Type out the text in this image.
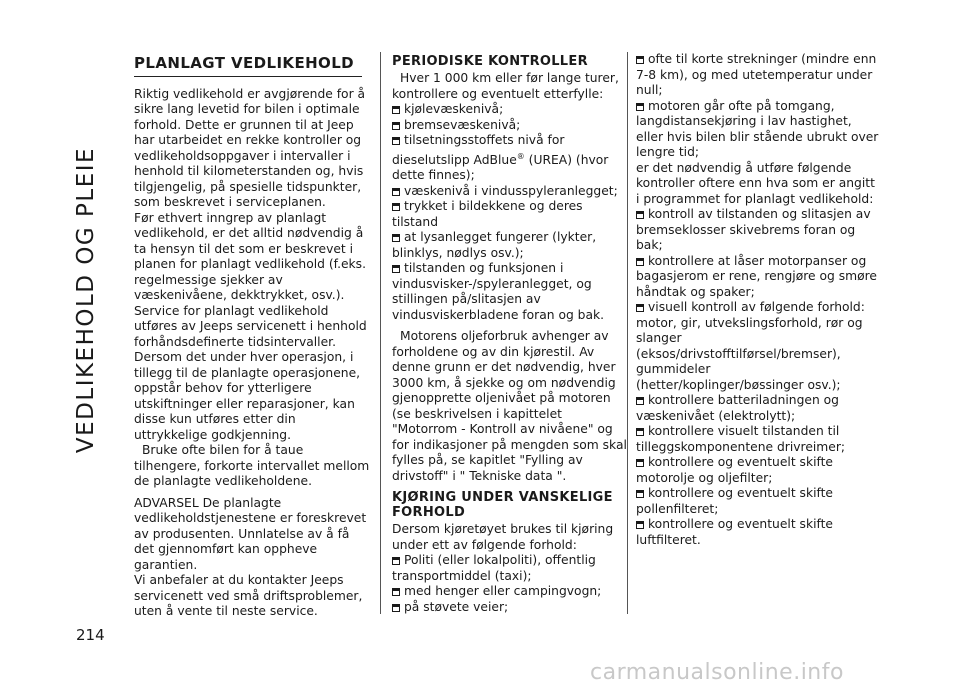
VEDLIKEHOLD OG PLEIE
214
PLANLAGT VEDLIKEHOLD

Riktig vedlikehold er avgjørende for å sikre lang levetid for bilen i optimale forhold. Dette er grunnen til at Jeep har utarbeidet en rekke kontroller og vedlikeholdsoppgaver i intervaller i henhold til kilometerstanden og, hvis tilgjengelig, på spesielle tidspunkter, som beskrevet i serviceplanen.

Før ethvert inngrep av planlagt vedlikehold, er det alltid nødvendig å ta hensyn til det som er beskrevet i planen for planlagt vedlikehold (f.eks. regelmessige sjekker av væskenivåene, dekktrykket, osv.).

Service for planlagt vedlikehold utføres av Jeeps servicenett i henhold forhåndsdefinerte tidsintervaller. Dersom det under hver operasjon, i tillegg til de planlagte operasjonene, oppstår behov for ytterligere utskiftninger eller reparasjoner, kan disse kun utføres etter din uttrykkelige godkjenning.

Bruke ofte bilen for å taue tilhengere, forkorte intervallet mellom de planlagte vedlikeholdene.

ADVARSEL De planlagte vedlikeholdstjenestene er foreskrevet av produsenten. Unnlatelse av å få det gjennomført kan oppheve garantien.

Vi anbefaler at du kontakter Jeeps servicenett ved små driftsproblemer, uten å vente til neste service.

PERIODISKE KONTROLLER

Hver 1 000 km eller før lange turer, kontrollere og eventuelt etterfylle:

kjølevæskenivå;
bremsevæskenivå;
tilsetningsstoffets nivå for dieselutslipp AdBlue® (UREA) (hvor dette finnes);
væskenivå i vindusspyleranlegget;
trykket i bildekkene og deres tilstand
at lysanlegget fungerer (lykter, blinklys, nødlys osv.);
tilstanden og funksjonen i vindusvisker-/spyleranlegget, og stillingen på/slitasjen av vindusviskerbladene foran og bak.

Motorens oljeforbruk avhenger av forholdene og av din kjørestil. Av denne grunn er det nødvendig, hver 3000 km, å sjekke og om nødvendig gjenopprette oljenivået på motoren (se beskrivelsen i kapittelet "Motorrom - Kontroll av nivåene" og for indikasjoner på mengden som skal fylles på, se kapitlet "Fylling av drivstoff" i " Tekniske data ".

KJØRING UNDER VANSKELIGE FORHOLD

Dersom kjøretøyet brukes til kjøring under ett av følgende forhold:

Politi (eller lokalpoliti), offentlig transportmiddel (taxi);
med henger eller campingvogn;
på støvete veier;
ofte til korte strekninger (mindre enn 7-8 km), og med utetemperatur under null;
motoren går ofte på tomgang, langdistansekjøring i lav hastighet, eller hvis bilen blir stående ubrukt over lengre tid;

er det nødvendig å utføre følgende kontroller oftere enn hva som er angitt i programmet for planlagt vedlikehold:

kontroll av tilstanden og slitasjen av bremseklosser skivebrems foran og bak;
kontrollere at låser motorpanser og bagasjerom er rene, rengjøre og smøre håndtak og spaker;
visuell kontroll av følgende forhold: motor, gir, utvekslingsforhold, rør og slanger (eksos/drivstofftilførsel/bremser), gummideler (hetter/koplinger/bøssinger osv.);
kontrollere batteriladningen og væskenivået (elektrolytt);
kontrollere visuelt tilstanden til tilleggskomponentene drivreimer;
kontrollere og eventuelt skifte motorolje og oljefilter;
kontrollere og eventuelt skifte pollenfilteret;
kontrollere og eventuelt skifte luftfilteret.
carmanualsonline.info
